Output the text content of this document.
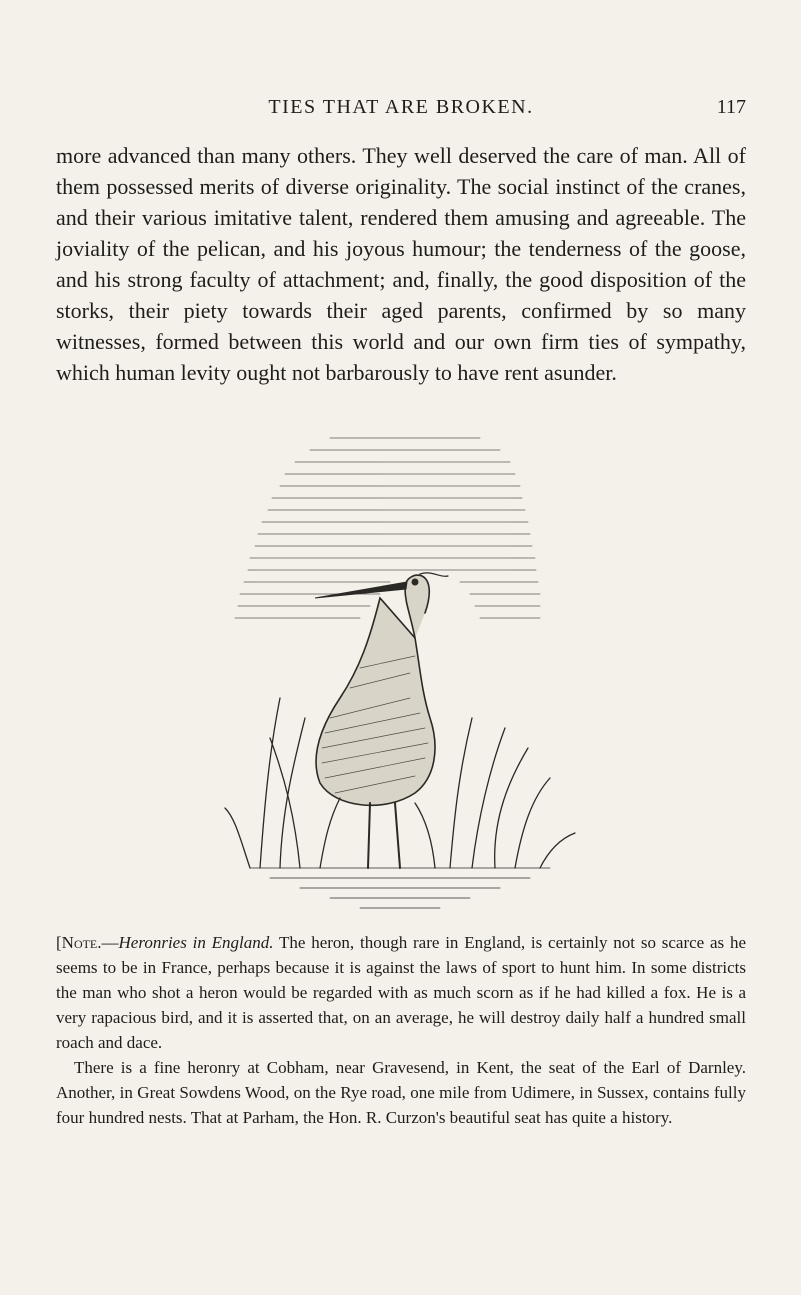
TIES THAT ARE BROKEN.	117

more advanced than many others. They well deserved the care of man. All of them possessed merits of diverse originality. The social instinct of the cranes, and their various imitative talent, rendered them amusing and agreeable. The joviality of the pelican, and his joyous humour; the tenderness of the goose, and his strong faculty of attachment; and, finally, the good disposition of the storks, their piety towards their aged parents, confirmed by so many witnesses, formed between this world and our own firm ties of sympathy, which human levity ought not barbarously to have rent asunder.

[Note.—Heronries in England. The heron, though rare in England, is certainly not so scarce as he seems to be in France, perhaps because it is against the laws of sport to hunt him. In some districts the man who shot a heron would be regarded with as much scorn as if he had killed a fox. He is a very rapacious bird, and it is asserted that, on an average, he will destroy daily half a hundred small roach and dace.

There is a fine heronry at Cobham, near Gravesend, in Kent, the seat of the Earl of Darnley. Another, in Great Sowdens Wood, on the Rye road, one mile from Udimere, in Sussex, contains fully four hundred nests. That at Parham, the Hon. R. Curzon's beautiful seat has quite a history.
